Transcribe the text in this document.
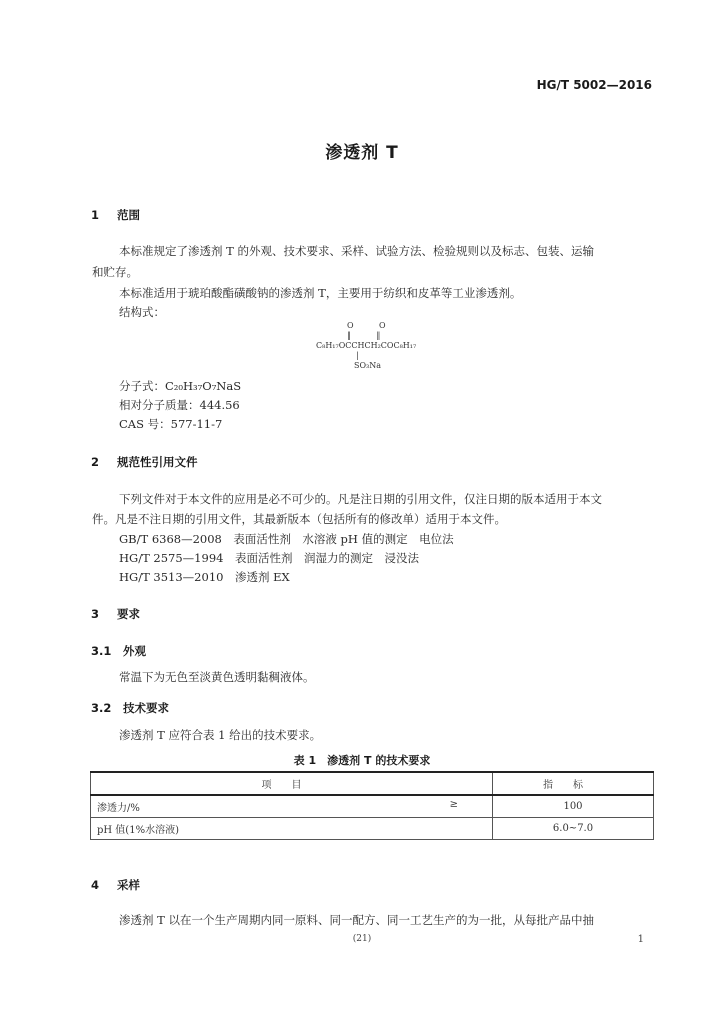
HG/T 5002—2016
渗透剂 T
1 范围
本标准规定了渗透剂 T 的外观、技术要求、采样、试验方法、检验规则以及标志、包装、运输
和贮存。
本标准适用于琥珀酸酯磺酸钠的渗透剂 T，主要用于纺织和皮革等工业渗透剂。
结构式：
O          O
‖          ‖
C₈H₁₇OCCHCH₂COC₈H₁₇
|
SO₃Na
分子式：C₂₀H₃₇O₇NaS
相对分子质量：444.56
CAS 号：577-11-7
2 规范性引用文件
下列文件对于本文件的应用是必不可少的。凡是注日期的引用文件，仅注日期的版本适用于本文
件。凡是不注日期的引用文件，其最新版本（包括所有的修改单）适用于本文件。
GB/T 6368—2008　表面活性剂　水溶液 pH 值的测定　电位法
HG/T 2575—1994　表面活性剂　润湿力的测定　浸没法
HG/T 3513—2010　渗透剂 EX
3 要求
3.1 外观
常温下为无色至淡黄色透明黏稠液体。
3.2 技术要求
渗透剂 T 应符合表 1 给出的技术要求。
表 1　渗透剂 T 的技术要求
项目	指标
渗透力/% ≥	100
pH 值(1%水溶液)	6.0~7.0
4 采样
渗透剂 T 以在一个生产周期内同一原料、同一配方、同一工艺生产的为一批，从每批产品中抽
(21)	1
